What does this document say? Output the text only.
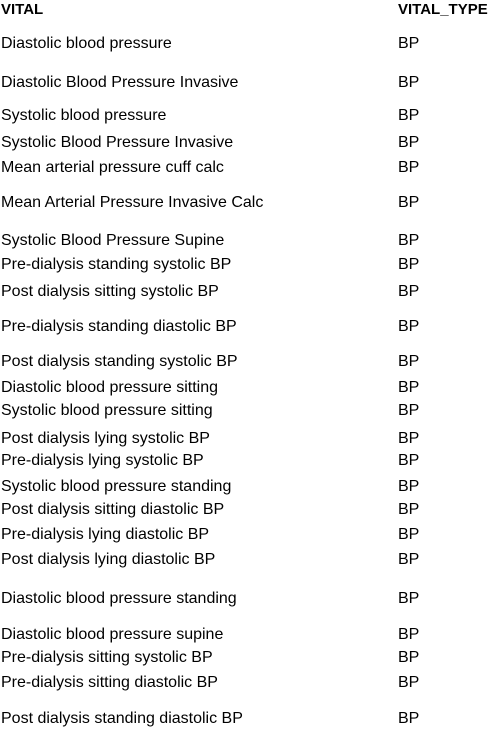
VITAL	VITAL_TYPE
Diastolic blood pressure	BP
Diastolic Blood Pressure Invasive	BP
Systolic blood pressure	BP
Systolic Blood Pressure Invasive	BP
Mean arterial pressure cuff calc	BP
Mean Arterial Pressure Invasive Calc	BP
Systolic Blood Pressure Supine	BP
Pre-dialysis standing systolic BP	BP
Post dialysis sitting systolic BP	BP
Pre-dialysis standing diastolic BP	BP
Post dialysis standing systolic BP	BP
Diastolic blood pressure sitting	BP
Systolic blood pressure sitting	BP
Post dialysis lying systolic BP	BP
Pre-dialysis lying systolic BP	BP
Systolic blood pressure standing	BP
Post dialysis sitting diastolic BP	BP
Pre-dialysis lying diastolic BP	BP
Post dialysis lying diastolic BP	BP
Diastolic blood pressure standing	BP
Diastolic blood pressure supine	BP
Pre-dialysis sitting systolic BP	BP
Pre-dialysis sitting diastolic BP	BP
Post dialysis standing diastolic BP	BP
